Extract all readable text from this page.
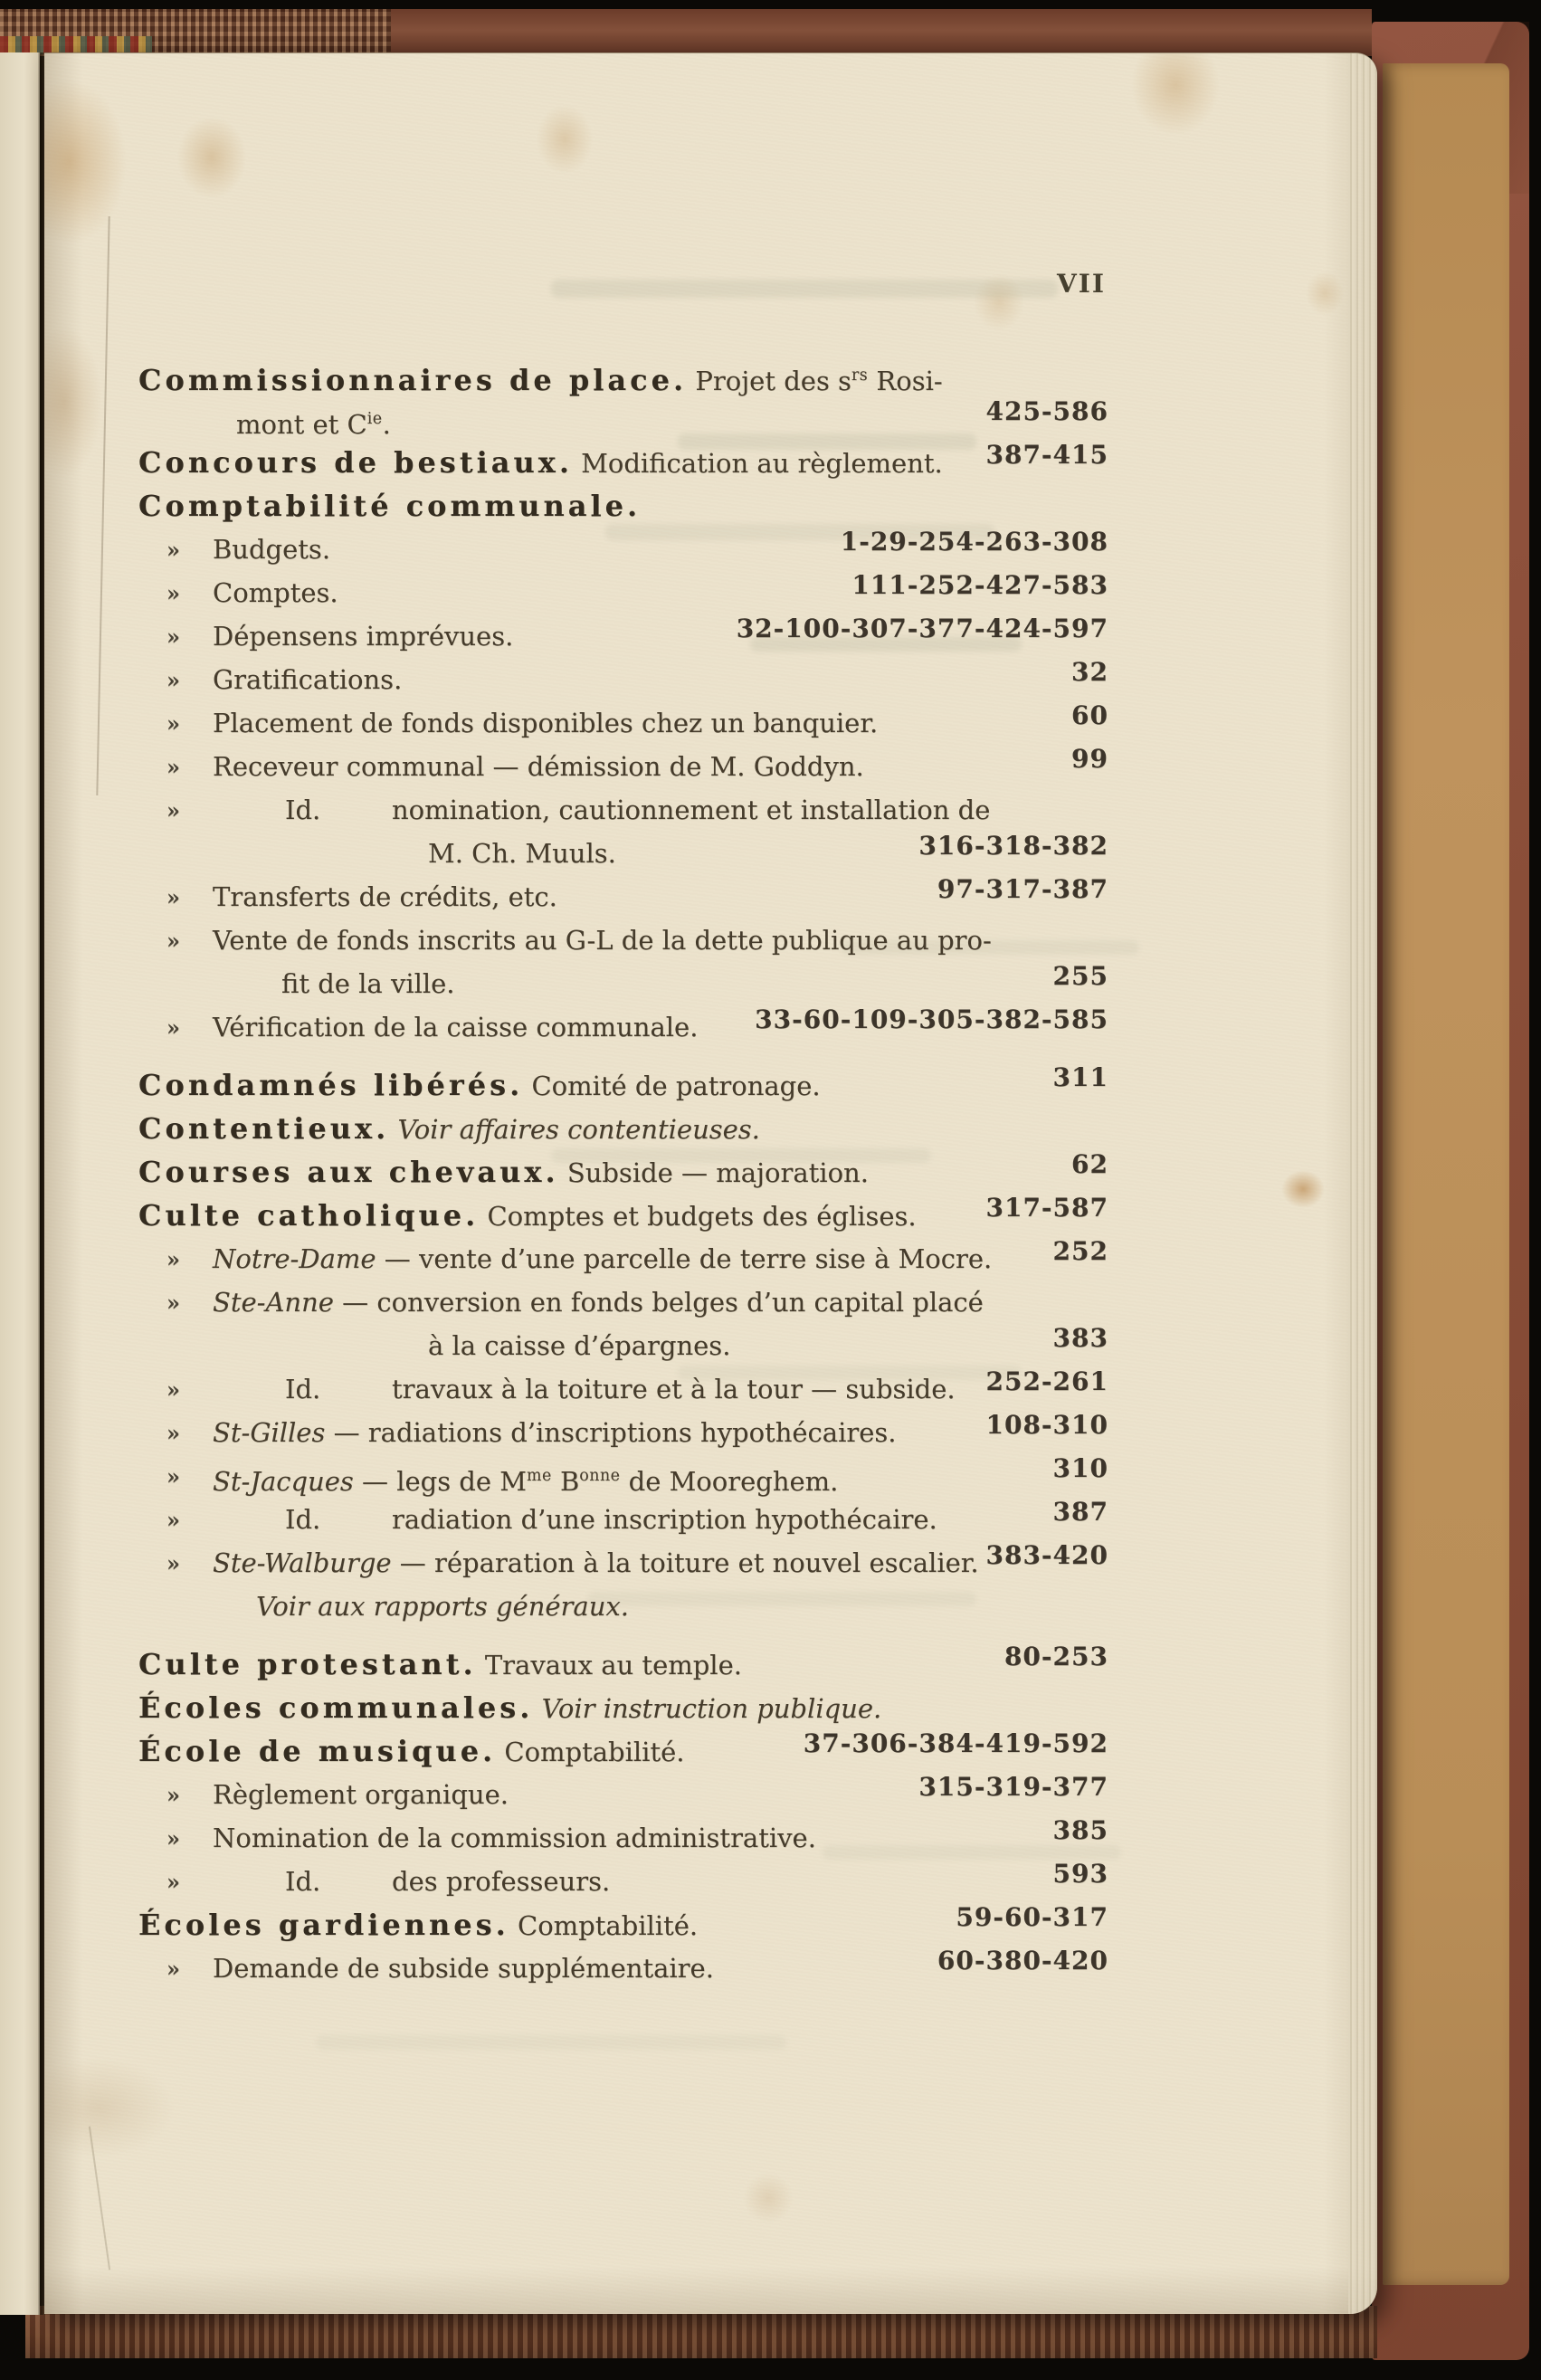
VII
Commissionnaires de place. Projet des $s^{rs}$ Rosi-
mont et $C^{ie}$.	425-586
Concours de bestiaux. Modification au règlement. 387-415
Comptabilité communale.
» Budgets.	1-29-254-263-308
» Comptes.	111-252-427-583
» Dépensens imprévues.	32-100-307-377-424-597
» Gratifications.	32
» Placement de fonds disponibles chez un banquier.	60
» Receveur communal — démission de M. Goddyn.	99
»	Id.	nomination, cautionnement et installation de
M. Ch. Muuls.	316-318-382
» Transferts de crédits, etc.	97-317-387
» Vente de fonds inscrits au G-L de la dette publique au pro-
fit de la ville.	255
» Vérification de la caisse communale. 33-60-109-305-382-585
Condamnés libérés. Comité de patronage.	311
Contentieux. Voir affaires contentieuses.
Courses aux chevaux. Subside — majoration.	62
Culte catholique. Comptes et budgets des églises.	317-587
» Notre-Dame — vente d’une parcelle de terre sise à Mocre. 252
» Ste-Anne — conversion en fonds belges d’un capital placé
à la caisse d’épargnes.	383
»	Id.	travaux à la toiture et à la tour — subside. 252-261
» St-Gilles — radiations d’inscriptions hypothécaires.	108-310
» St-Jacques — legs de $M^{me}$ $B^{onne}$ de Mooreghem.	310
»	Id.	radiation d’une inscription hypothécaire.	387
» Ste-Walburge — réparation à la toiture et nouvel escalier. 383-420
Voir aux rapports généraux.
Culte protestant. Travaux au temple.	80-253
Écoles communales. Voir instruction publique.
École de musique. Comptabilité.	37-306-384-419-592
» Règlement organique.	315-319-377
» Nomination de la commission administrative.	385
»	Id.	des professeurs.	593
Écoles gardiennes. Comptabilité.	59-60-317
» Demande de subside supplémentaire.	60-380-420
